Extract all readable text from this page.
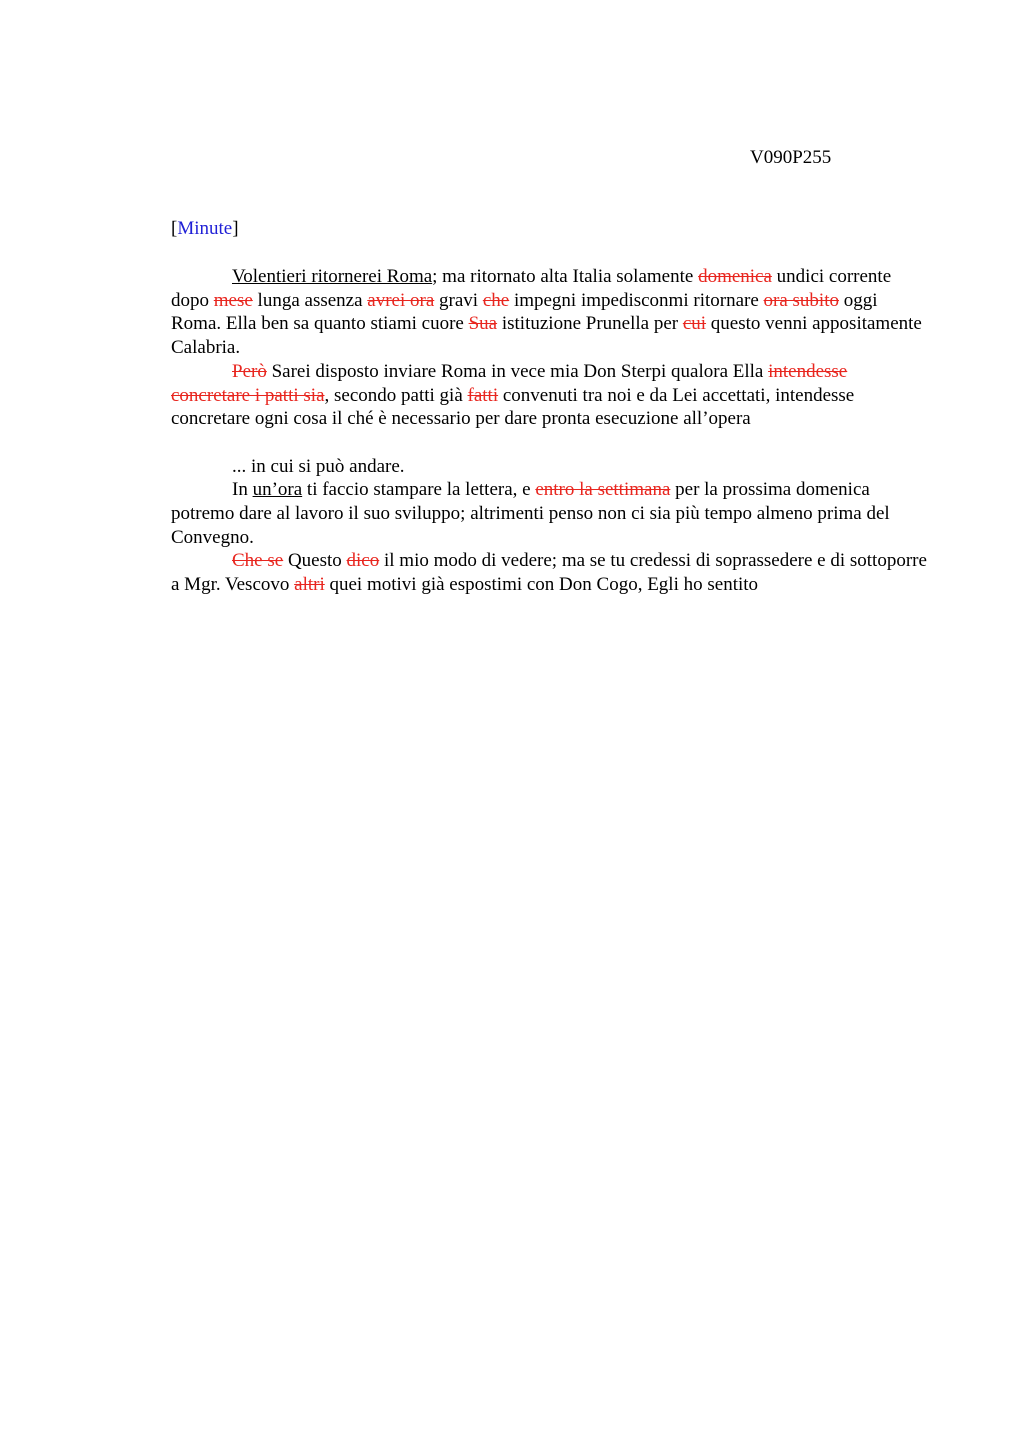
V090P255
[Minute]

Volentieri ritornerei Roma; ma ritornato alta Italia solamente domenica undici corrente dopo mese lunga assenza avrei ora gravi che impegni impedisconmi ritornare ora subito oggi Roma. Ella ben sa quanto stiami cuore Sua istituzione Prunella per cui questo venni appositamente Calabria.

Però Sarei disposto inviare Roma in vece mia Don Sterpi qualora Ella intendesse concretare i patti sia, secondo patti già fatti convenuti tra noi e da Lei accettati, intendesse concretare ogni cosa il ché è necessario per dare pronta esecuzione all’opera

... in cui si può andare.

In un’ora ti faccio stampare la lettera, e entro la settimana per la prossima domenica potremo dare al lavoro il suo sviluppo; altrimenti penso non ci sia più tempo almeno prima del Convegno.

Che se Questo dico il mio modo di vedere; ma se tu credessi di soprassedere e di sottoporre a Mgr. Vescovo altri quei motivi già espostimi con Don Cogo, Egli ho sentito
